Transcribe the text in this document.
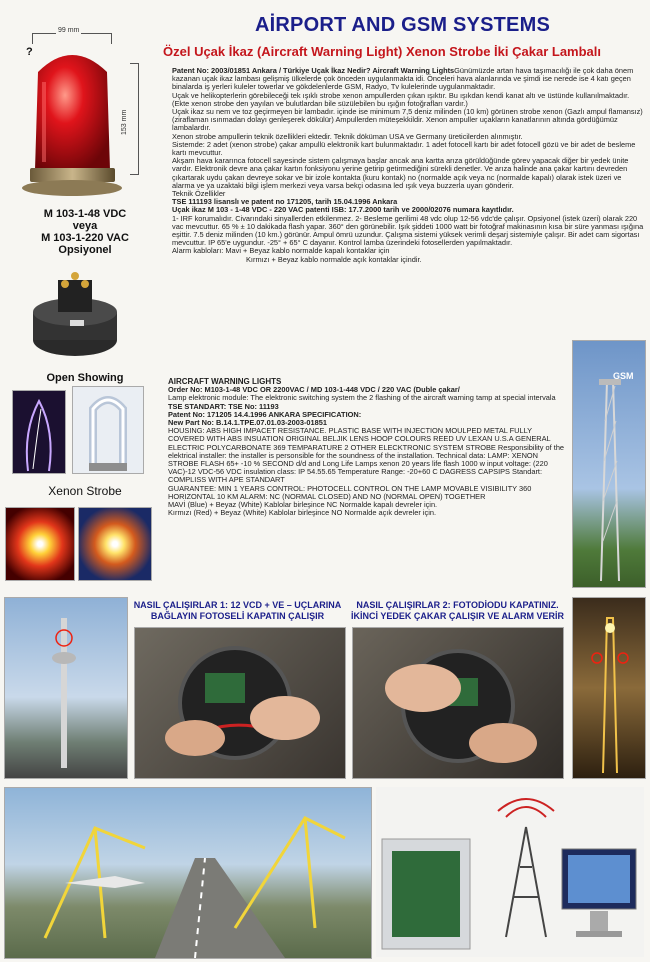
AİRPORT AND GSM SYSTEMS
Özel Uçak İkaz (Aircraft Warning Light) Xenon Strobe İki Çakar Lambalı
99 mm
153 mm
?
M 103-1-48 VDC
veya
M 103-1-220 VAC
Opsiyonel
Open Showing
Xenon Strobe

Patent No: 2003/01851 Ankara / Türkiye Uçak İkaz Nedir? Aircraft Warning LightsGünümüzde artan hava taşımacılığı ile çok daha önem kazanan uçak ikaz lambası gelişmiş ülkelerde çok önceden uygulanmakta idi. Önceleri hava alanlarında ve şimdi ise nerede ise 4 katı geçen binalarda iş yerleri kuleler towerlar ve gökdelenlerde GSM, Radyo, Tv kulelerinde uygulanmaktadır.

Uçak ve helikopterlerin görebileceği tek ışıklı strobe xenon ampullerden çıkan ışıktır. Bu ışıkdan kendi kanat altı ve üstünde kullanılmaktadır. (Ekte xenon strobe den yayılan ve bulutlardan bile süzülebilen bu ışığın fotoğrafları vardır.)

Uçak ikaz su nem ve toz geçirmeyen bir lambadır. içinde ise minimum 7,5 deniz milinden (10 km) görünen strobe xenon (Gazlı ampul flamansız) (ziraflaman ısınmadan dolayı genleşerek dökülür) Ampullerden müteşekkildir. Xenon ampuller uçakların kanatlarının altında gördüğümüz lambalardır.

Xenon strobe ampullerin teknik özellikleri ektedir. Teknik döküman USA ve Germany üreticilerden alınmıştır.

Sistemde: 2 adet (xenon strobe) çakar ampullü elektronik kart bulunmaktadır. 1 adet fotocell kartı bir adet fotocell gözü ve bir adet de besleme kartı mevcuttur.

Akşam hava kararınca fotocell sayesinde sistem çalışmaya başlar ancak ana kartta arıza görüldüğünde görev yapacak diğer bir yedek ünite vardır. Elektronik devre ana çakar kartın fonksiyonu yerine getirip getirmediğini sürekli denetler. Ve arıza halinde ana çakar kartını devreden çıkartarak uydu çakarı devreye sokar ve bir izole kontakta (kuru kontak) no (normalde açık veya nc (normalde kapalı) olarak istek üzeri ve alarma ve ya uzaktaki bilgi işlem merkezi veya varsa bekçi odasına led ışık veya buzzerla uyarı gönderir.

Teknik Özellikler

TSE 111193 lisanslı ve patent no 171205, tarih 15.04.1996 Ankara

Uçak ikaz M 103 - 1-48 VDC - 220 VAC patenti ISB: 17.7.2000 tarih ve 2000/02076 numara kayıtlıdır.

1- IRF korumalıdır. Civarındaki sinyallerden etkilenmez. 2- Besleme gerilimi 48 vdc olup 12-56 vdc'de çalışır. Opsiyonel (istek üzeri) olarak 220 vac mevcuttur. 65 % ± 10 dakikada flash yapar. 360° den görünebilir. Işık şiddeti 1000 watt bir fotoğraf makinasının kısa bir süre yanması ışığına eşittir. 7.5 deniz milinden (10 km.) görünür. Ampul ömrü uzundur. Çalışma sistemi yüksek verimli deşarj sistemiyle çalışır. Bir adet cam sigortası mevcuttur. IP 65'e uygundur. -25° + 65° C dayanır. Kontrol lamba üzerindeki fotosellerden yapılmaktadır.

Alarm kabloları: Mavi + Beyaz kablo normalde kapalı kontaklar için

Kırmızı + Beyaz kablo normalde açık kontaklar içindir.

GSM

AIRCRAFT WARNING LIGHTS

Order No: M103-1-48 VDC OR 2200VAC / MD 103-1-448 VDC / 220 VAC (Duble çakar/

Lamp elektronic module: The elektronic switching system the 2 flashing of the aircraft warning tamp at special intervala

TSE STANDART: TSE No: 11193

Patent No: 171205 14.4.1996 ANKARA SPECIFICATION:

New Part No: B.14.1.TPE.07.01.03-2003-01851

HOUSING: ABS HIGH IMPACET RESISTANCE. PLASTIC BASE WITH INJECTION MOULPED METAL FULLY COVERED WITH ABS INSUATION ORIGINAL BELJIK LENS HOOP COLOURS REED UV LEXAN U.S.A GENERAL ELECTRIC POLYCARBONATE 369 TEMPARATURE 2 OTHER ELECKTRONIC SYSTEM STROBE Responsibility of the elektrical installer: the installer is personsible for the soundness of the installation. Technical data: LAMP: XENON STROBE FLASH 65+ -10 % SECOND d/d and Long Life Lamps xenon 20 years life flash 1000 w input voltage: (220 VAC)-12 VDC-56 VDC insulation class: IP 54.55.65 Temperature Range: -20+60 C DAGRESS CAPSIPS Standart: COMPLISS WITH APE STANDART

GUARANTEE: MIN 1 YEARS CONTROL: PHOTOCELL CONTROL ON THE LAMP MOVABLE VISIBILITY 360 HORIZONTAL 10 KM ALARM: NC (NORMAL CLOSED) AND NO (NORMAL OPEN) TOGETHER

MAVİ (Blue) + Beyaz (White) Kablolar birleşince NC Normalde kapalı devreler için.

Kırmızı (Red) + Beyaz (White) Kablolar birleşince NO Normalde açık devreler için.

NASIL ÇALIŞIRLAR 1: 12 VCD + VE – UÇLARINA
BAĞLAYIN FOTOSELİ KAPATIN ÇALIŞIR
NASIL ÇALIŞIRLAR 2: FOTODİODU KAPATINIZ.
İKİNCİ YEDEK ÇAKAR ÇALIŞIR VE ALARM VERİR
